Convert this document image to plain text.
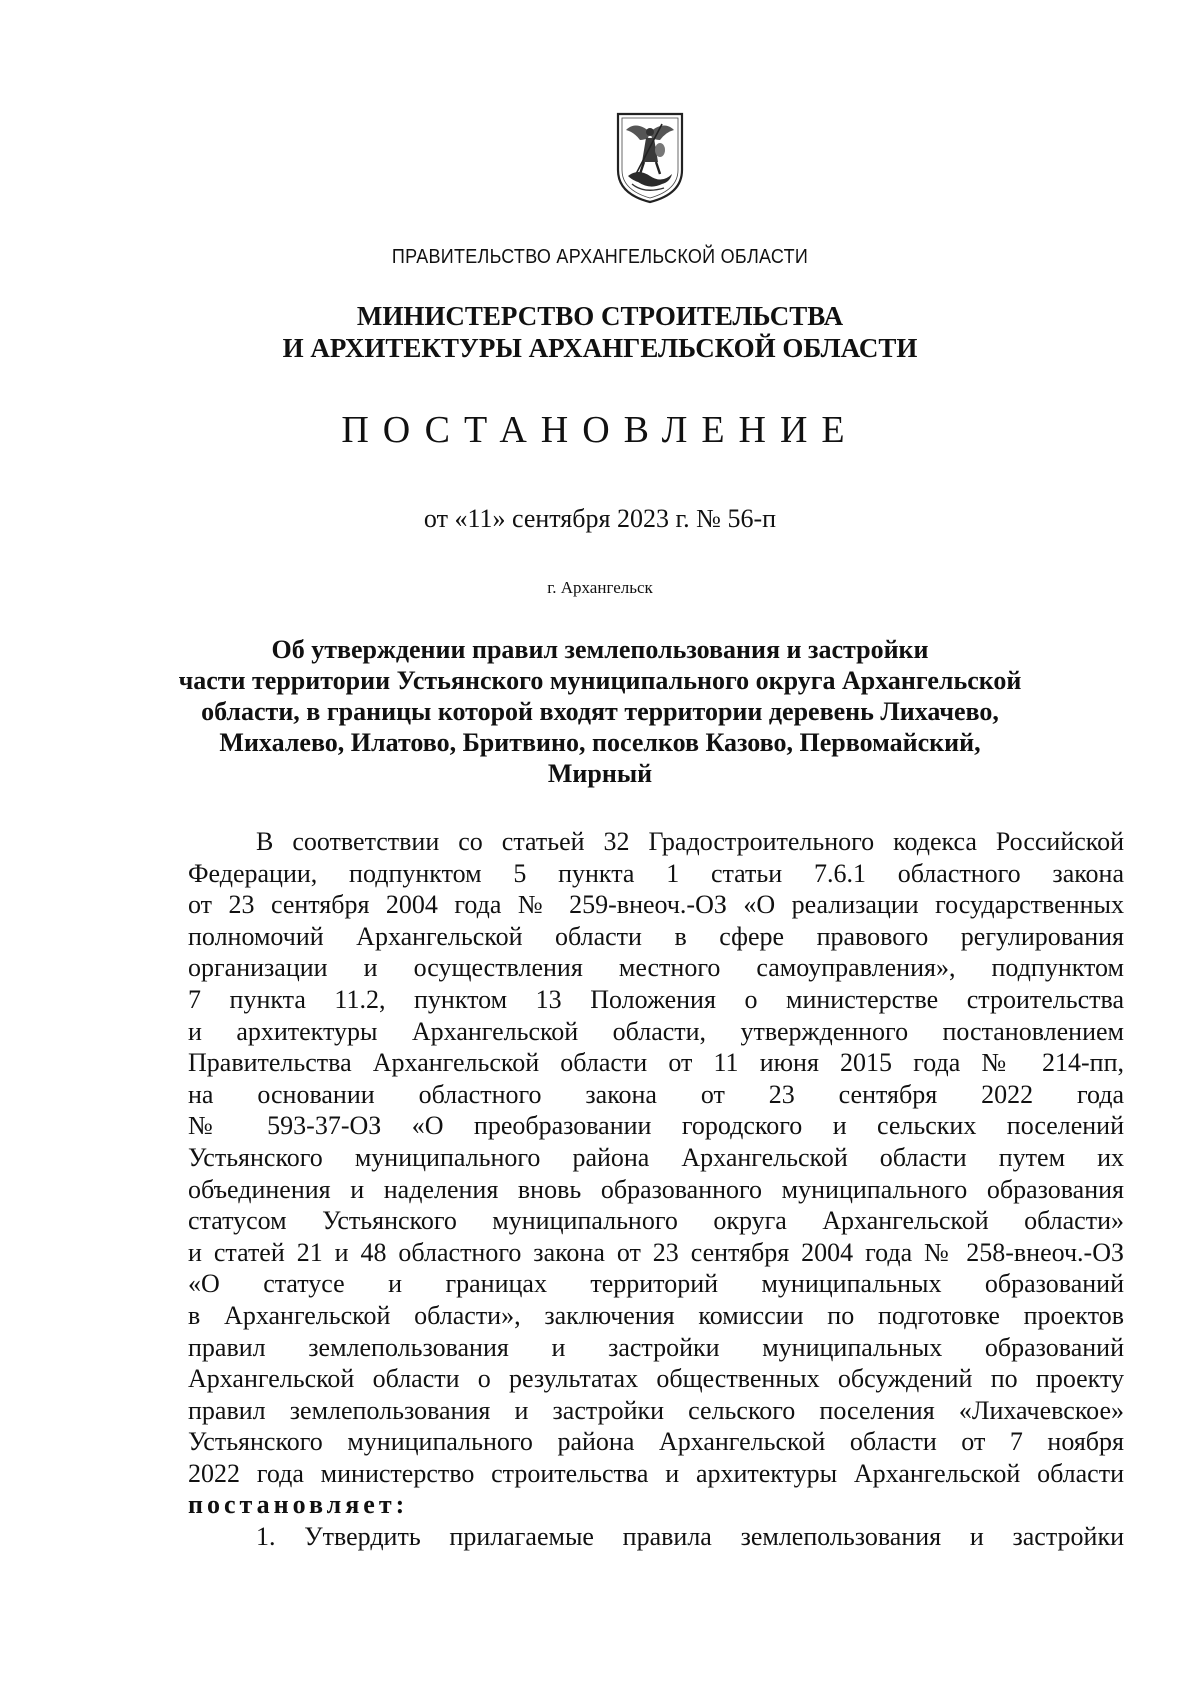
ПРАВИТЕЛЬСТВО АРХАНГЕЛЬСКОЙ ОБЛАСТИ
МИНИСТЕРСТВО СТРОИТЕЛЬСТВА
И АРХИТЕКТУРЫ АРХАНГЕЛЬСКОЙ ОБЛАСТИ
ПОСТАНОВЛЕНИЕ
от «11» сентября 2023 г. № 56-п
г. Архангельск
Об утверждении правил землепользования и застройки
части территории Устьянского муниципального округа Архангельской
области, в границы которой входят территории деревень Лихачево,
Михалево, Илатово, Бритвино, поселков Казово, Первомайский,
Мирный
В соответствии со статьей 32 Градостроительного кодекса Российской
Федерации, подпунктом 5 пункта 1 статьи 7.6.1 областного закона
от 23 сентября 2004 года № 259-внеоч.-ОЗ «О реализации государственных
полномочий Архангельской области в сфере правового регулирования
организации и осуществления местного самоуправления», подпунктом
7 пункта 11.2, пунктом 13 Положения о министерстве строительства
и архитектуры Архангельской области, утвержденного постановлением
Правительства Архангельской области от 11 июня 2015 года № 214-пп,
на основании областного закона от 23 сентября 2022 года
№ 593-37-ОЗ «О преобразовании городского и сельских поселений
Устьянского муниципального района Архангельской области путем их
объединения и наделения вновь образованного муниципального образования
статусом Устьянского муниципального округа Архангельской области»
и статей 21 и 48 областного закона от 23 сентября 2004 года № 258-внеоч.-ОЗ
«О статусе и границах территорий муниципальных образований
в Архангельской области», заключения комиссии по подготовке проектов
правил землепользования и застройки муниципальных образований
Архангельской области о результатах общественных обсуждений по проекту
правил землепользования и застройки сельского поселения «Лихачевское»
Устьянского муниципального района Архангельской области от 7 ноября
2022 года министерство строительства и архитектуры Архангельской области
постановляет:
1. Утвердить прилагаемые правила землепользования и застройки
